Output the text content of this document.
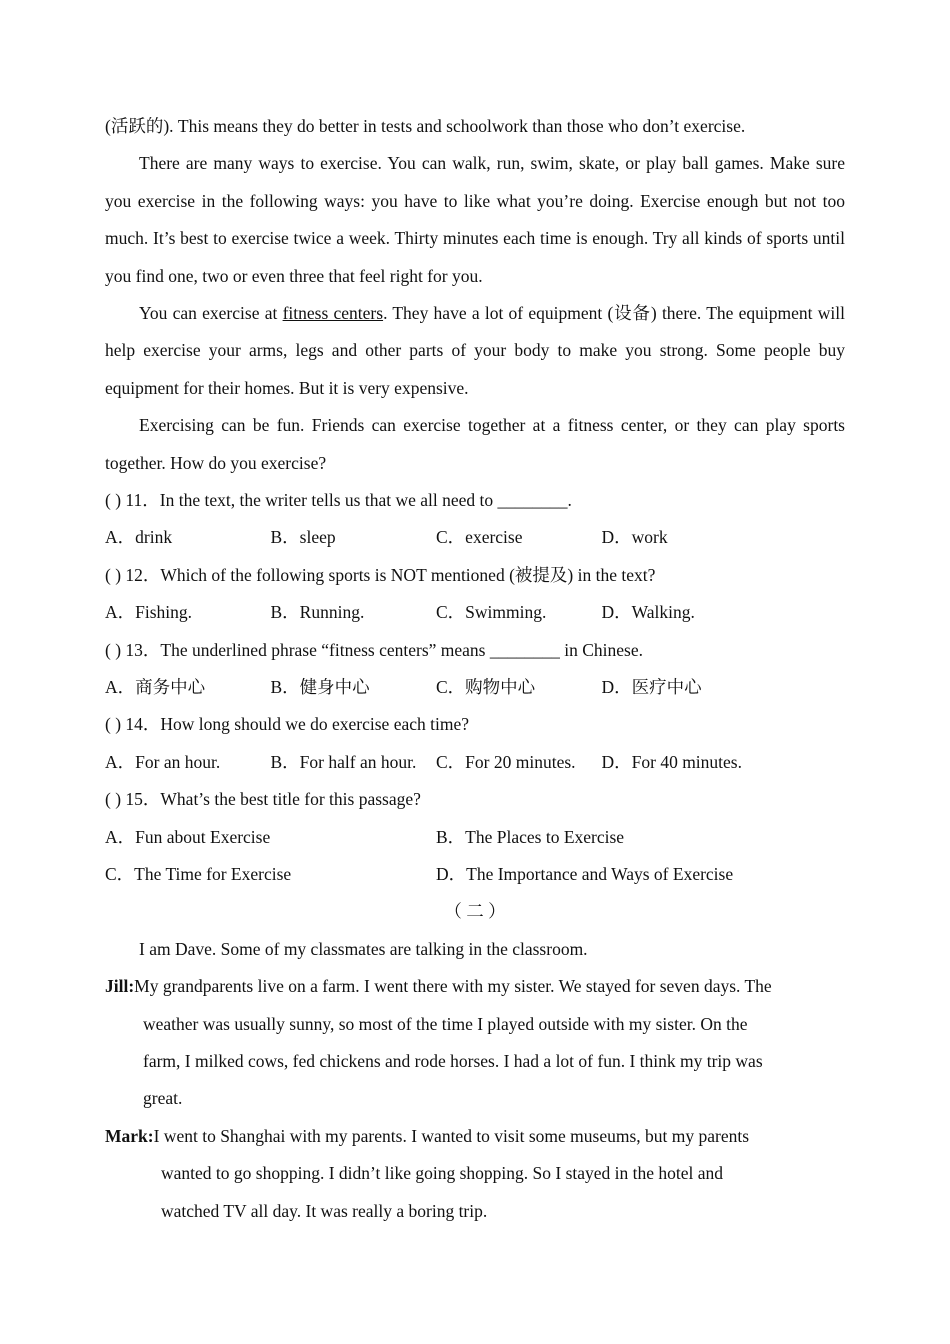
(活跃的). This means they do better in tests and schoolwork than those who don’t exercise.

There are many ways to exercise. You can walk, run, swim, skate, or play ball games. Make sure you exercise in the following ways: you have to like what you’re doing. Exercise enough but not too much. It’s best to exercise twice a week. Thirty minutes each time is enough. Try all kinds of sports until you find one, two or even three that feel right for you.

You can exercise at fitness centers. They have a lot of equipment (设备) there. The equipment will help exercise your arms, legs and other parts of your body to make you strong. Some people buy equipment for their homes. But it is very expensive.

Exercising can be fun. Friends can exercise together at a fitness center, or they can play sports together. How do you exercise?

( ) 11．In the text, the writer tells us that we all need to ________.
A．drink	B．sleep	C．exercise	D．work
( ) 12．Which of the following sports is NOT mentioned (被提及) in the text?
A．Fishing.	B．Running.	C．Swimming.	D．Walking.
( ) 13．The underlined phrase “fitness centers” means ________ in Chinese.
A．商务中心	B．健身中心	C．购物中心	D．医疗中心
( ) 14．How long should we do exercise each time?
A．For an hour.	B．For half an hour.	C．For 20 minutes.	D．For 40 minutes.
( ) 15．What’s the best title for this passage?
A．Fun about Exercise	B．The Places to Exercise
C．The Time for Exercise	D．The Importance and Ways of Exercise
（ 二 ）
I am Dave. Some of my classmates are talking in the classroom.
Jill: My grandparents live on a farm. I went there with my sister. We stayed for seven days. The
weather was usually sunny, so most of the time I played outside with my sister. On the
farm, I milked cows, fed chickens and rode horses. I had a lot of fun. I think my trip was
great.
Mark: I went to Shanghai with my parents. I wanted to visit some museums, but my parents
wanted to go shopping. I didn’t like going shopping. So I stayed in the hotel and
watched TV all day. It was really a boring trip.
